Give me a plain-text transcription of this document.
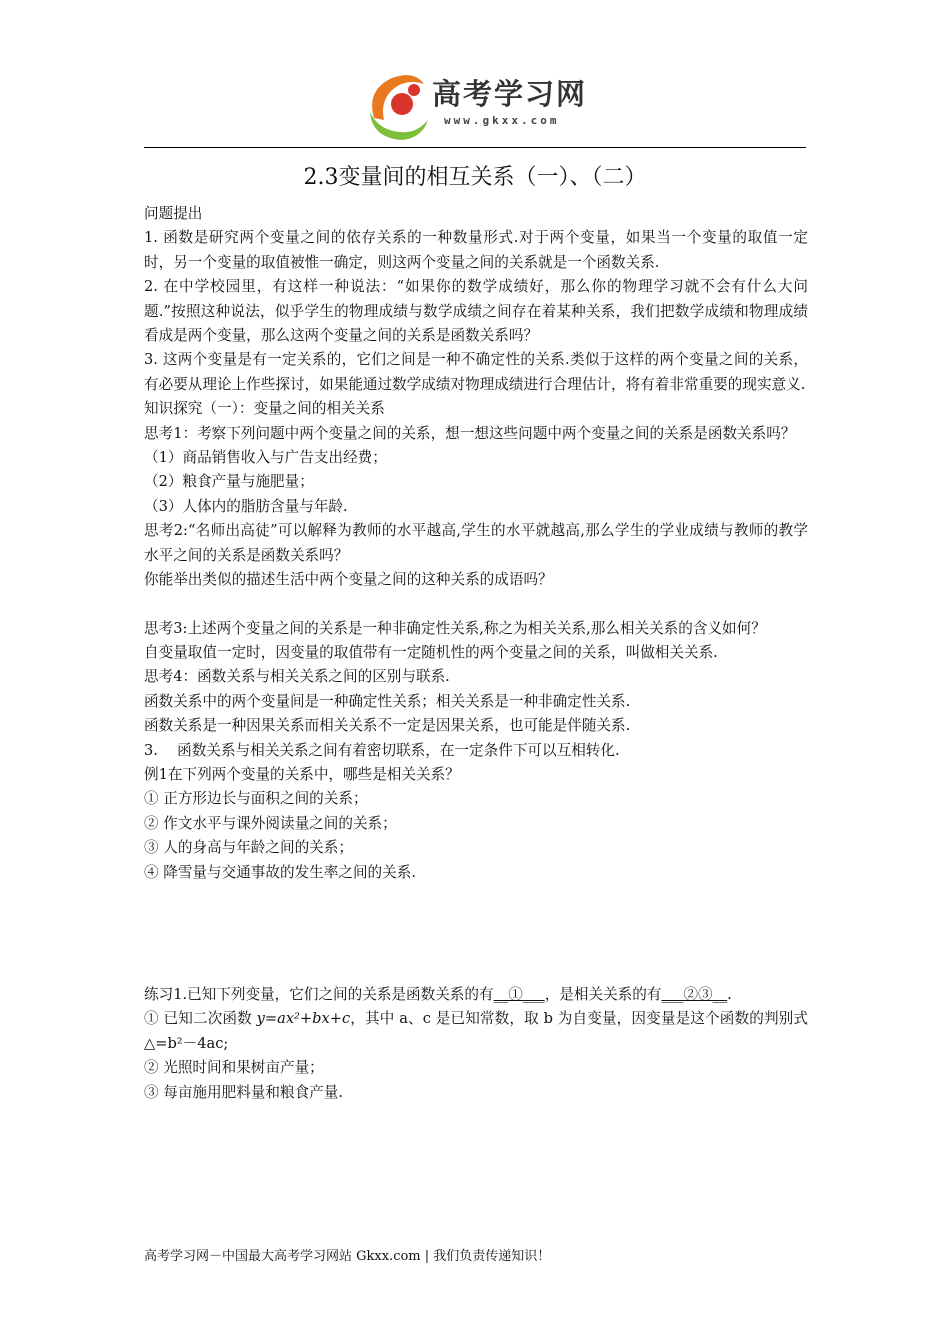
高考学习网
www.gkxx.com
2.3变量间的相互关系（一）、（二）

问题提出

1. 函数是研究两个变量之间的依存关系的一种数量形式.对于两个变量，如果当一个变量的取值一定时，另一个变量的取值被惟一确定，则这两个变量之间的关系就是一个函数关系.

2. 在中学校园里，有这样一种说法：“如果你的数学成绩好，那么你的物理学习就不会有什么大问题.”按照这种说法，似乎学生的物理成绩与数学成绩之间存在着某种关系，我们把数学成绩和物理成绩看成是两个变量，那么这两个变量之间的关系是函数关系吗？

3. 这两个变量是有一定关系的，它们之间是一种不确定性的关系.类似于这样的两个变量之间的关系，有必要从理论上作些探讨，如果能通过数学成绩对物理成绩进行合理估计，将有着非常重要的现实意义.

知识探究（一）：变量之间的相关关系

思考1：考察下列问题中两个变量之间的关系，想一想这些问题中两个变量之间的关系是函数关系吗？

（1）商品销售收入与广告支出经费；

（2）粮食产量与施肥量；

（3）人体内的脂肪含量与年龄.

思考2:“名师出高徒”可以解释为教师的水平越高,学生的水平就越高,那么学生的学业成绩与教师的教学水平之间的关系是函数关系吗？

你能举出类似的描述生活中两个变量之间的这种关系的成语吗？

思考3:上述两个变量之间的关系是一种非确定性关系,称之为相关关系,那么相关关系的含义如何？

自变量取值一定时，因变量的取值带有一定随机性的两个变量之间的关系，叫做相关关系.

思考4：函数关系与相关关系之间的区别与联系.

函数关系中的两个变量间是一种确定性关系；相关关系是一种非确定性关系.

函数关系是一种因果关系而相关关系不一定是因果关系，也可能是伴随关系.

3.　 函数关系与相关关系之间有着密切联系，在一定条件下可以互相转化.

例1在下列两个变量的关系中，哪些是相关关系？

① 正方形边长与面积之间的关系；

② 作文水平与课外阅读量之间的关系；

③ 人的身高与年龄之间的关系；

④ 降雪量与交通事故的发生率之间的关系.

练习1.已知下列变量，它们之间的关系是函数关系的有__①___，是相关关系的有___②③__.

① 已知二次函数 y=ax²+bx+c，其中 a、c 是已知常数，取 b 为自变量，因变量是这个函数的判别式△=b²－4ac;

② 光照时间和果树亩产量；

③ 每亩施用肥料量和粮食产量.

高考学习网－中国最大高考学习网站 Gkxx.com | 我们负责传递知识！
